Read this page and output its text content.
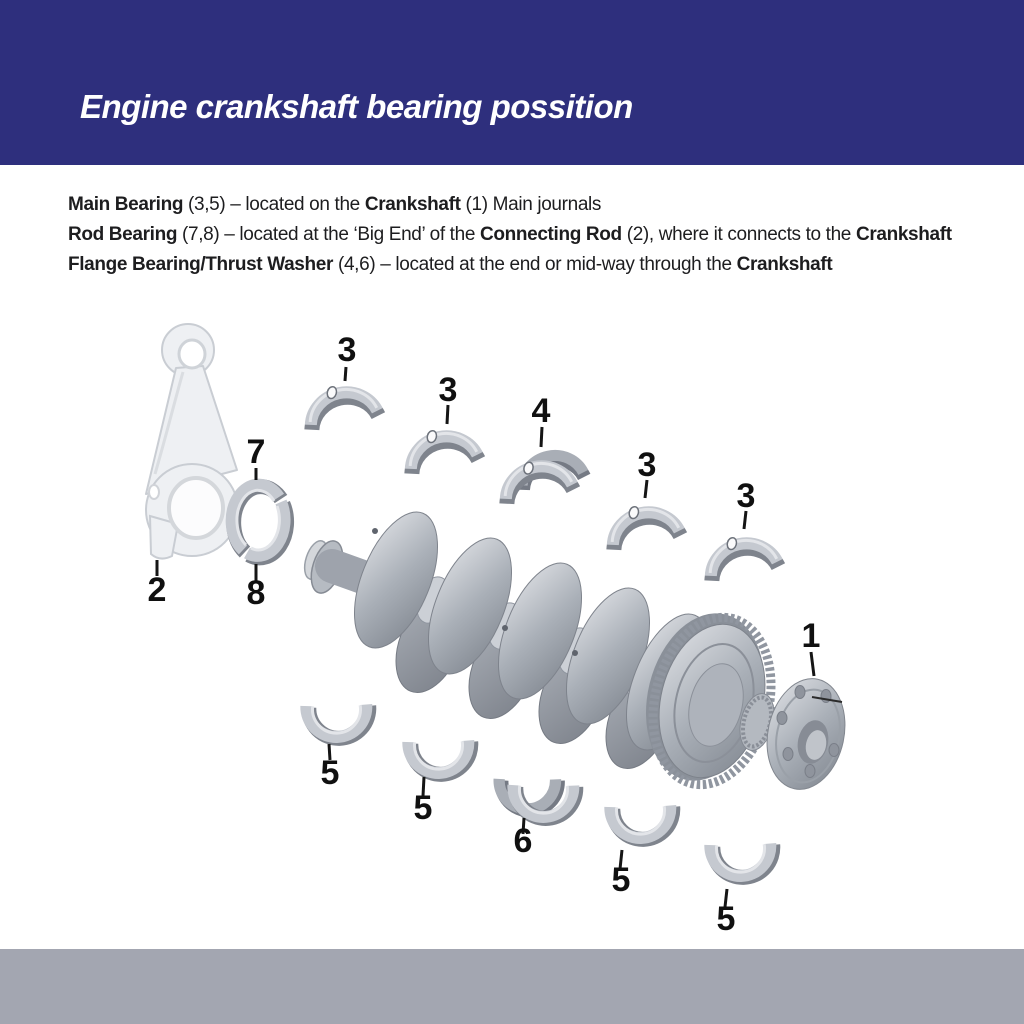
Engine crankshaft bearing possition

Main Bearing (3,5) – located on the Crankshaft (1) Main journals

Rod Bearing (7,8) – located at the ‘Big End’ of the Connecting Rod (2), where it connects to the Crankshaft

Flange Bearing/Thrust Washer (4,6) – located at the end or mid-way through the Crankshaft

2
7
8
3
3
4
3
3
1
5
5
6
5
5
